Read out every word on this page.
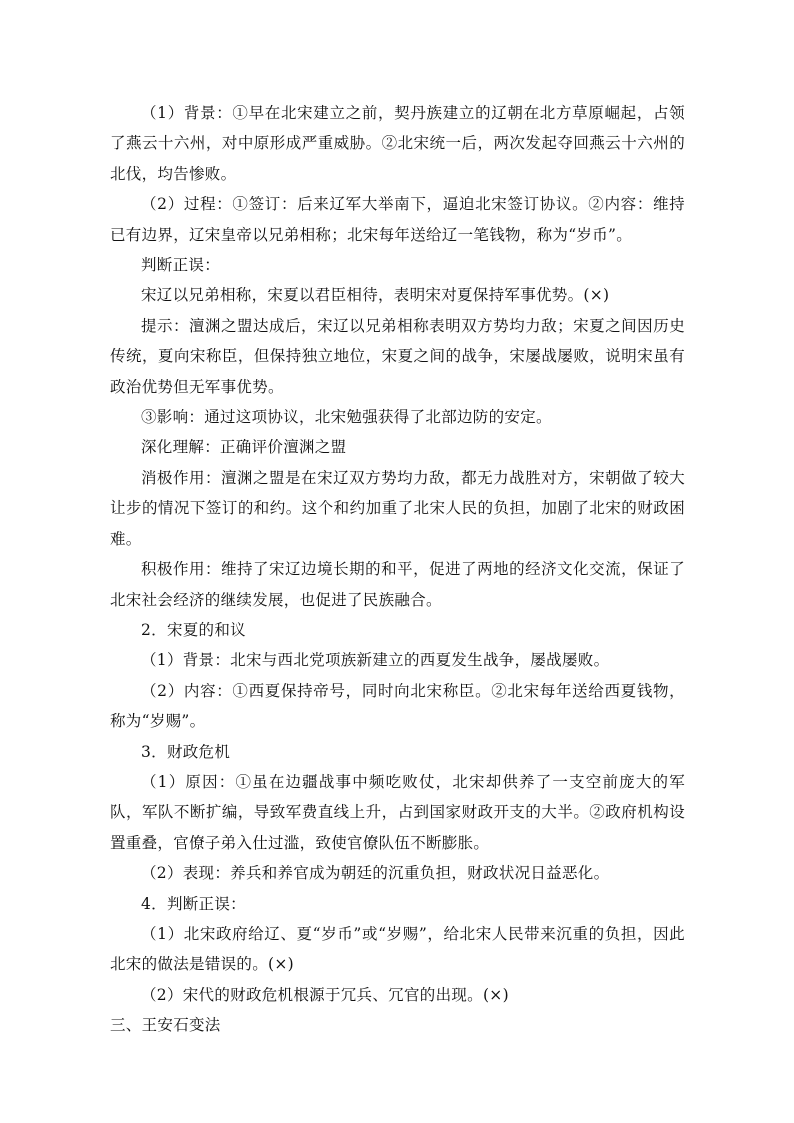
（1）背景：①早在北宋建立之前，契丹族建立的辽朝在北方草原崛起，占领了燕云十六州，对中原形成严重威胁。②北宋统一后，两次发起夺回燕云十六州的北伐，均告惨败。

（2）过程：①签订：后来辽军大举南下，逼迫北宋签订协议。②内容：维持已有边界，辽宋皇帝以兄弟相称；北宋每年送给辽一笔钱物，称为“岁币”。

判断正误：

宋辽以兄弟相称，宋夏以君臣相待，表明宋对夏保持军事优势。(×)

提示：澶渊之盟达成后，宋辽以兄弟相称表明双方势均力敌；宋夏之间因历史传统，夏向宋称臣，但保持独立地位，宋夏之间的战争，宋屡战屡败，说明宋虽有政治优势但无军事优势。

③影响：通过这项协议，北宋勉强获得了北部边防的安定。

深化理解：正确评价澶渊之盟

消极作用：澶渊之盟是在宋辽双方势均力敌，都无力战胜对方，宋朝做了较大让步的情况下签订的和约。这个和约加重了北宋人民的负担，加剧了北宋的财政困难。

积极作用：维持了宋辽边境长期的和平，促进了两地的经济文化交流，保证了北宋社会经济的继续发展，也促进了民族融合。

2．宋夏的和议

（1）背景：北宋与西北党项族新建立的西夏发生战争，屡战屡败。

（2）内容：①西夏保持帝号，同时向北宋称臣。②北宋每年送给西夏钱物，称为“岁赐”。

3．财政危机

（1）原因：①虽在边疆战事中频吃败仗，北宋却供养了一支空前庞大的军队，军队不断扩编，导致军费直线上升，占到国家财政开支的大半。②政府机构设置重叠，官僚子弟入仕过滥，致使官僚队伍不断膨胀。

（2）表现：养兵和养官成为朝廷的沉重负担，财政状况日益恶化。

4．判断正误：

（1）北宋政府给辽、夏“岁币”或“岁赐”，给北宋人民带来沉重的负担，因此北宋的做法是错误的。(×)

（2）宋代的财政危机根源于冗兵、冗官的出现。(×)

三、王安石变法
